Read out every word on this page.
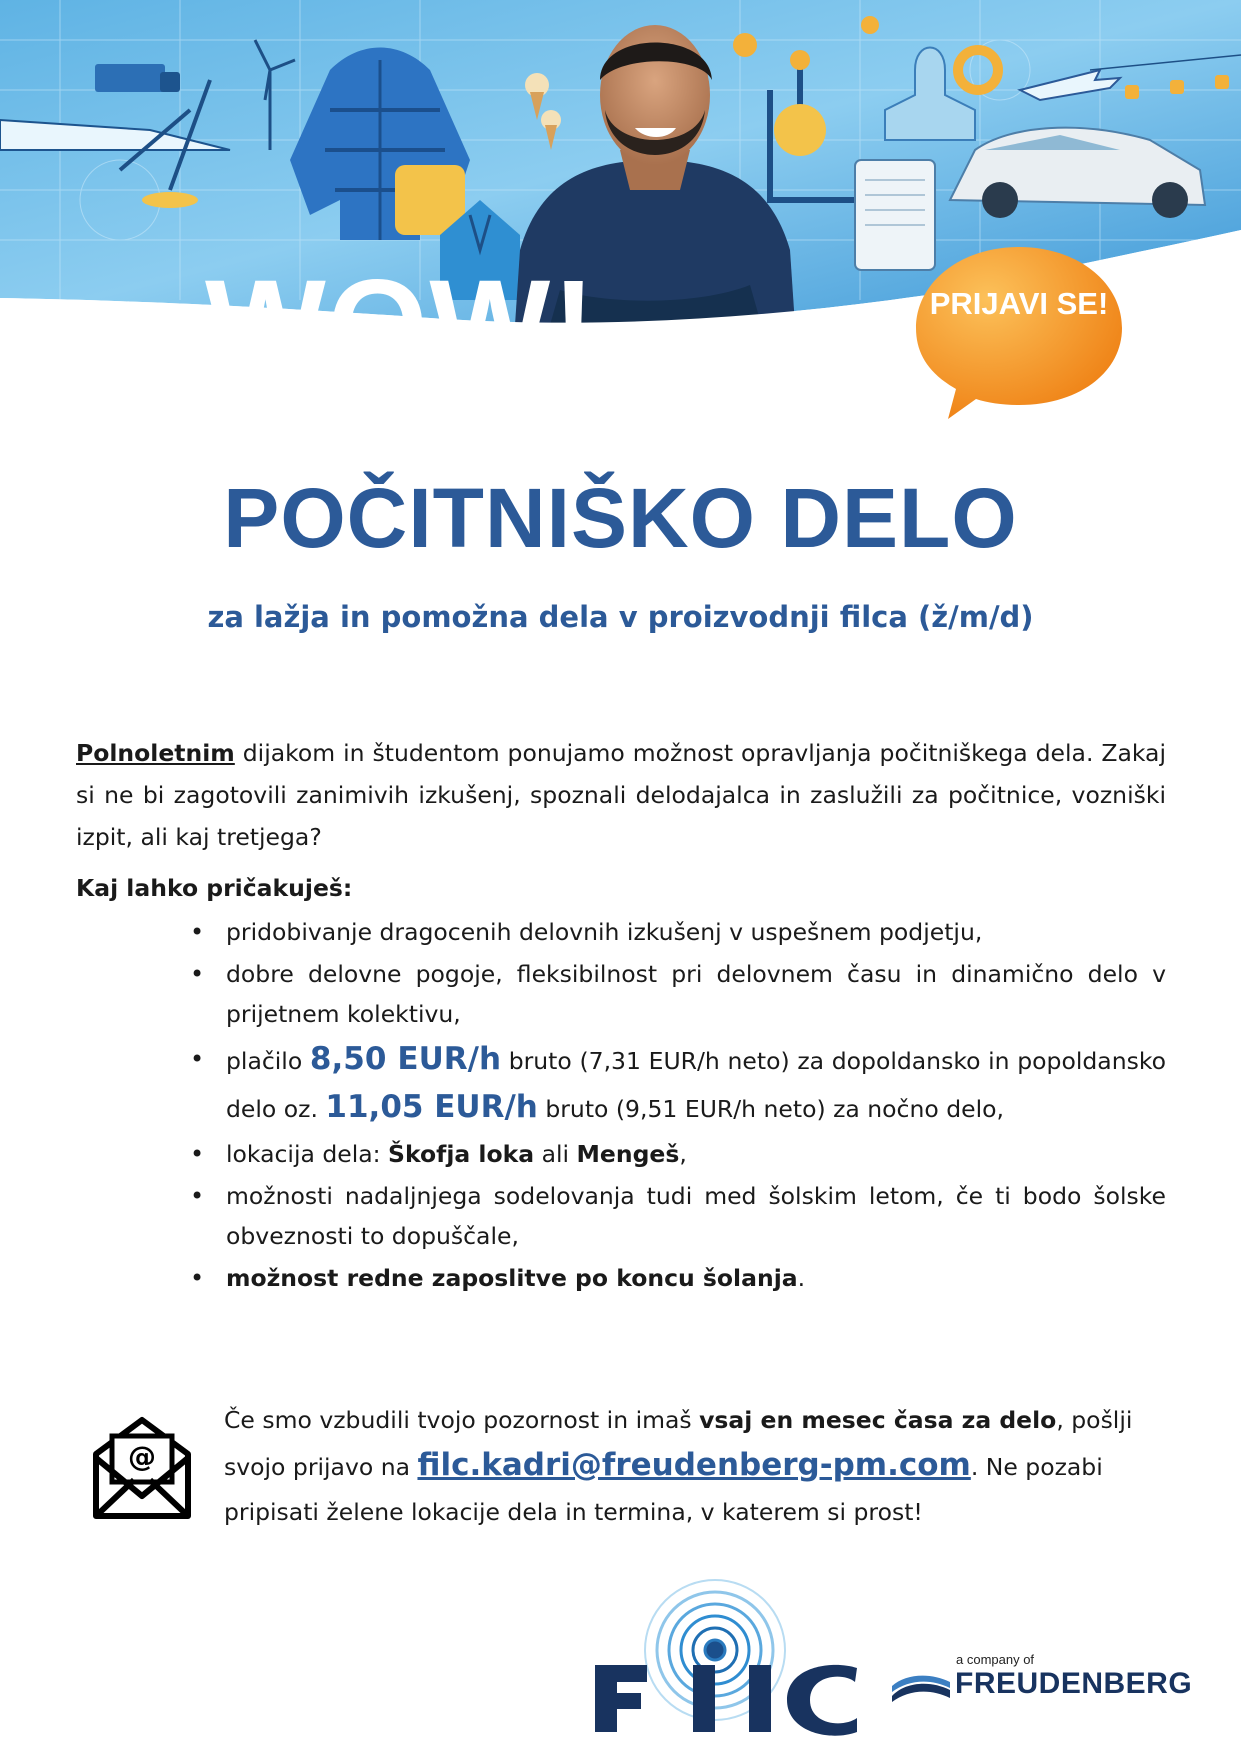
WOW!	PRIJAVI SE!
POČITNIŠKO DELO
za lažja in pomožna dela v proizvodnji filca (ž/m/d)

Polnoletnim dijakom in študentom ponujamo možnost opravljanja počitniškega dela. Zakaj si ne bi zagotovili zanimivih izkušenj, spoznali delodajalca in zaslužili za počitnice, vozniški izpit, ali kaj tretjega?

Kaj lahko pričakuješ:
• pridobivanje dragocenih delovnih izkušenj v uspešnem podjetju,
• dobre delovne pogoje, fleksibilnost pri delovnem času in dinamično delo v prijetnem kolektivu,
• plačilo 8,50 EUR/h bruto (7,31 EUR/h neto) za dopoldansko in popoldansko delo oz. 11,05 EUR/h bruto (9,51 EUR/h neto) za nočno delo,
• lokacija dela: Škofja loka ali Mengeš,
• možnosti nadaljnjega sodelovanja tudi med šolskim letom, če ti bodo šolske obveznosti to dopuščale,
• možnost redne zaposlitve po koncu šolanja.
@

Če smo vzbudili tvojo pozornost in imaš vsaj en mesec časa za delo, pošlji svojo prijavo na filc.kadri@freudenberg-pm.com. Ne pozabi pripisati želene lokacije dela in termina, v katerem si prost!

a company of
FREUDENBERG
